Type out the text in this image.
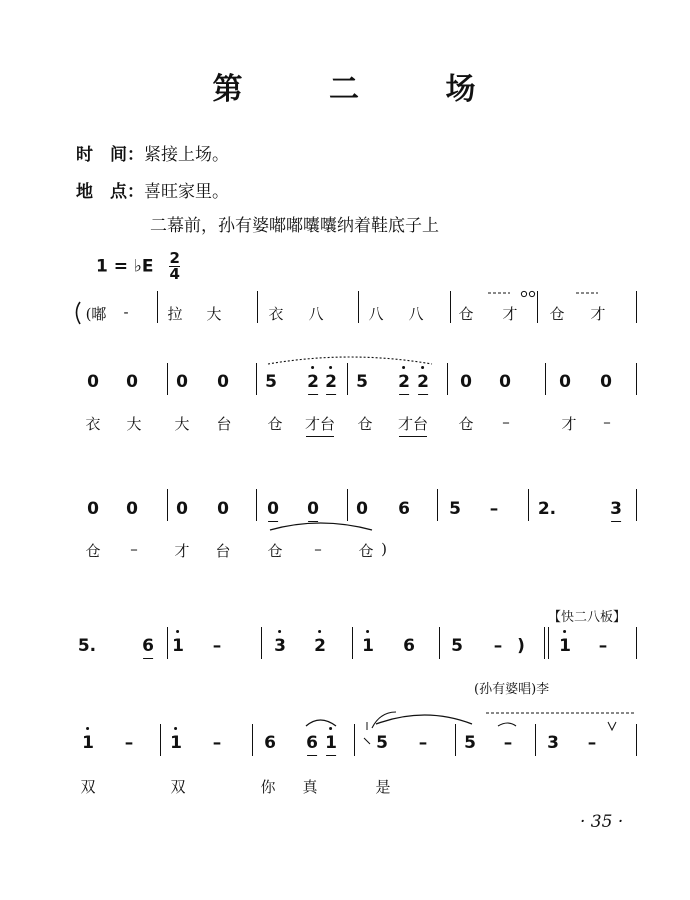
第	二	场
时　间：紧接上场。
地　点：喜旺家里。
二幕前，孙有婆嘟嘟囔囔纳着鞋底子上
1 = ♭E $\frac{2}{4}$
(嘟 -	拉 大	衣 八	八 八 仓 才 仓 才
0 0 0 0 5 2 2 5 2 2 0 0	0 0
衣 大 大 台 仓 才台 仓 才台 仓 –	才 –
0 0 0 0 0 0 0 6 5 – 2.	3
仓 – 才 台 仓 – 仓 )
5.	6 1 –	3 2 1 6 5 – ) 1 –
1 – 1 –	6 6 1 5 – 5 – 3 –
双	双	你 真	是
【快二八板】
(孙有婆唱)李
· 35 ·
